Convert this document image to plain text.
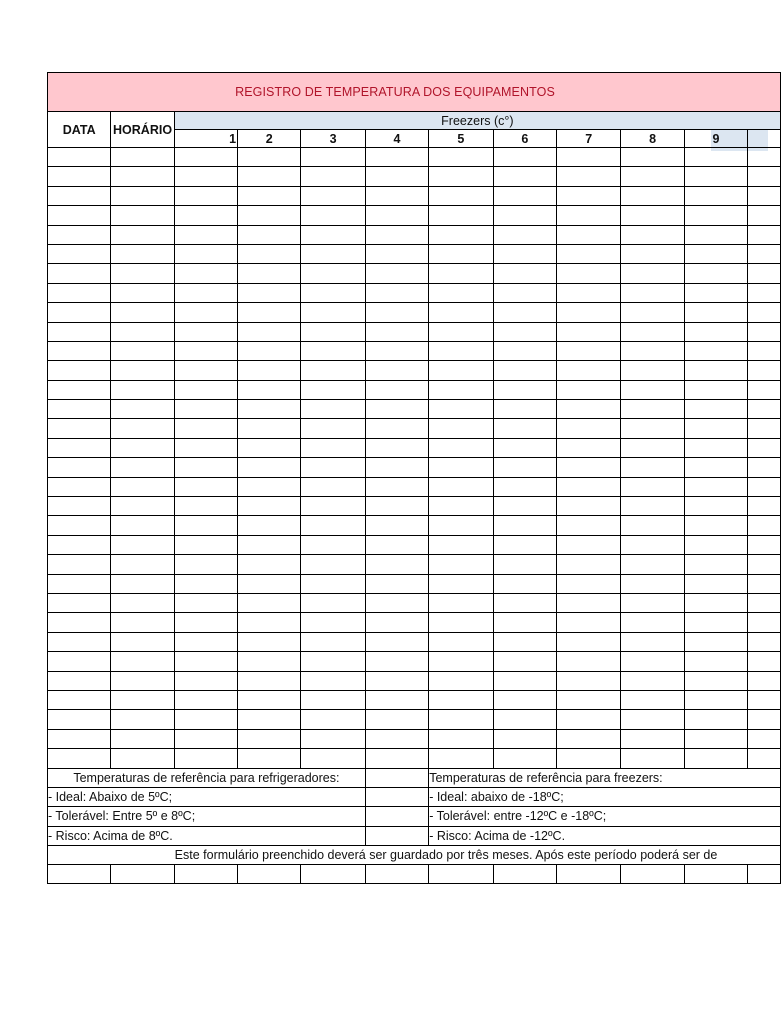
REGISTRO DE TEMPERATURA DOS EQUIPAMENTOS											
DATA	HORÁRIO	Freezers (c°)									
		1	2	3	4	5	6	7	8	9	

Temperaturas de referência para refrigeradores:						Temperaturas de referência para freezers:					
- Ideal: Abaixo de 5ºC;						- Ideal: abaixo de -18ºC;					
- Tolerável: Entre 5º e 8ºC;						- Tolerável: entre -12ºC e -18ºC;					
- Risco: Acima de 8ºC.						- Risco: Acima de -12ºC.					
Este formulário preenchido deverá ser guardado por três meses. Após este período poderá ser de											
